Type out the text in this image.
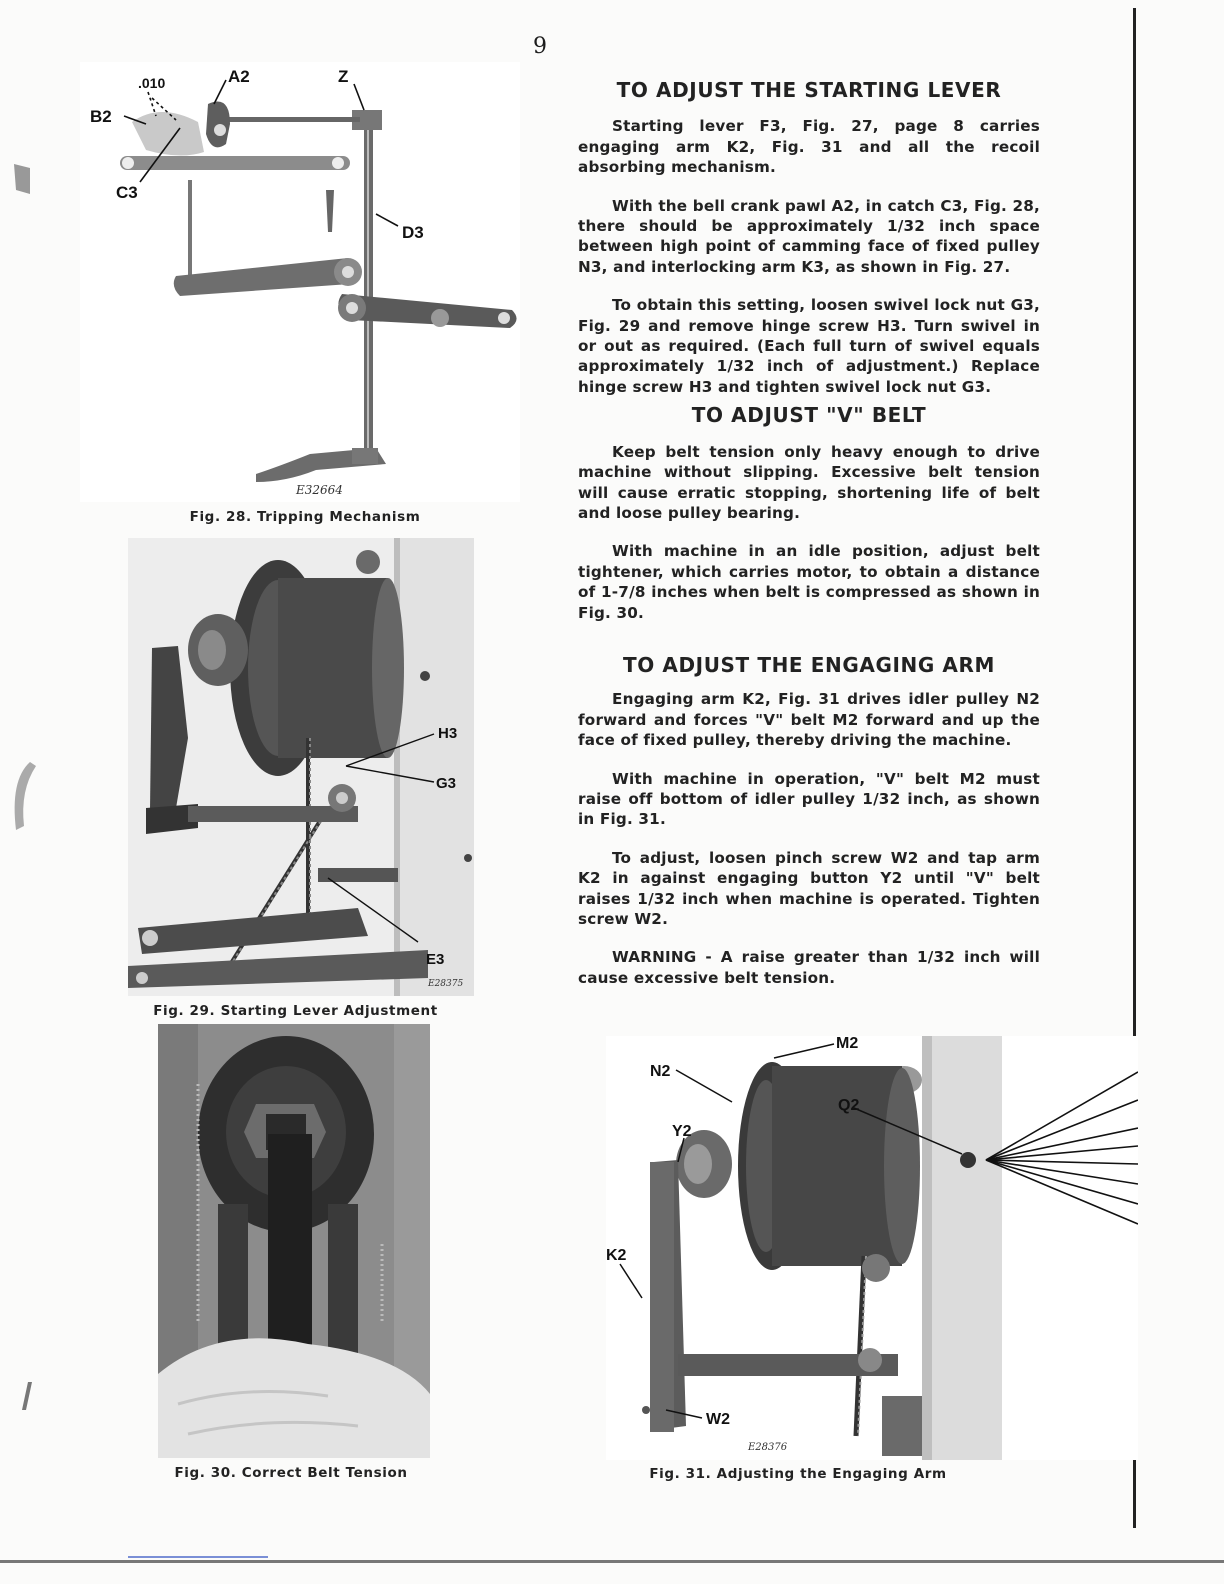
9
.010	A2	Z
B2
C3
D3
E32664
Fig. 28. Tripping Mechanism
H3
G3
E3
E28375
Fig. 29. Starting Lever Adjustment
Fig. 30. Correct Belt Tension
M2
N2
Q2
Y2
K2
W2
E28376
Fig. 31. Adjusting the Engaging Arm
TO ADJUST THE STARTING LEVER

Starting lever F3, Fig. 27, page 8 carries engaging arm K2, Fig. 31 and all the recoil absorbing mechanism.

With the bell crank pawl A2, in catch C3, Fig. 28, there should be approximately 1/32 inch space between high point of camming face of fixed pulley N3, and interlocking arm K3, as shown in Fig. 27.

To obtain this setting, loosen swivel lock nut G3, Fig. 29 and remove hinge screw H3. Turn swivel in or out as required. (Each full turn of swivel equals approximately 1/32 inch of adjustment.) Replace hinge screw H3 and tighten swivel lock nut G3.

TO ADJUST "V" BELT

Keep belt tension only heavy enough to drive machine without slipping. Excessive belt tension will cause erratic stopping, shortening life of belt and loose pulley bearing.

With machine in an idle position, adjust belt tightener, which carries motor, to obtain a distance of 1-7/8 inches when belt is compressed as shown in Fig. 30.

TO ADJUST THE ENGAGING ARM

Engaging arm K2, Fig. 31 drives idler pulley N2 forward and forces "V" belt M2 forward and up the face of fixed pulley, thereby driving the machine.

With machine in operation, "V" belt M2 must raise off bottom of idler pulley 1/32 inch, as shown in Fig. 31.

To adjust, loosen pinch screw W2 and tap arm K2 in against engaging button Y2 until "V" belt raises 1/32 inch when machine is operated. Tighten screw W2.

WARNING - A raise greater than 1/32 inch will cause excessive belt tension.
